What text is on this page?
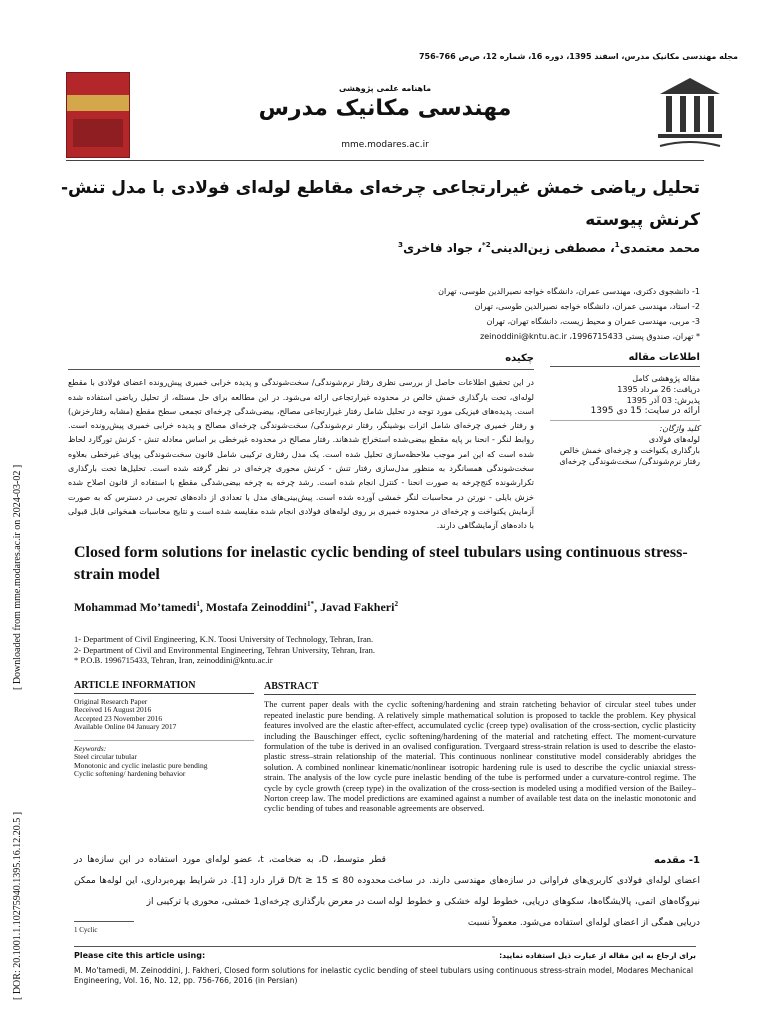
[ Downloaded from mme.modares.ac.ir on 2024-03-02 ]
[ DOR: 20.1001.1.10275940.1395.16.12.20.5 ]
مجله مهندسی مکانیک مدرس، اسفند 1395، دوره 16، شماره 12، ص‌ص 766-756
ماهنامه علمی پژوهشی
مهندسی مکانیک مدرس
mme.modares.ac.ir
تحلیل ریاضی خمش غیرارتجاعی چرخه‌ای مقاطع لوله‌ای فولادی با مدل تنش-کرنش پیوسته
محمد معتمدی$^1$، مصطفی زین‌الدینی$^{2*}$، جواد فاخری$^3$
1- دانشجوی دکتری، مهندسی عمران، دانشگاه خواجه نصیرالدین طوسی، تهران
2- استاد، مهندسی عمران، دانشگاه خواجه نصیرالدین طوسی، تهران
3- مربی، مهندسی عمران و محیط زیست، دانشگاه تهران، تهران
* تهران، صندوق پستی 1996715433، zeinoddini@kntu.ac.ir
اطلاعات مقاله
مقاله پژوهشی کامل
دریافت: 26 مرداد 1395
پذیرش: 03 آذر 1395
ارائه در سایت: 15 دی 1395
کلید واژگان:
لوله‌های فولادی
بارگذاری یکنواخت و چرخه‌ای خمش خالص
رفتار نرم‌شوندگی/ سخت‌شوندگی چرخه‌ای
چکیده
در این تحقیق اطلاعات حاصل از بررسی نظری رفتار نرم‌شوندگی/ سخت‌شوندگی و پدیده خرابی خمیری پیش‌رونده اعضای فولادی با مقطع لوله‌ای، تحت بارگذاری خمش خالص در محدوده غیرارتجاعی ارائه می‌شود. در این مطالعه برای حل مسئله، از تحلیل ریاضی استفاده شده است. پدیده‌های فیزیکی مورد توجه در تحلیل شامل رفتار غیرارتجاعی مصالح، بیضی‌شدگی چرخه‌ای تجمعی سطح مقطع (مشابه رفتارخزش) و رفتار خمیری چرخه‌ای شامل اثرات بوشینگر، رفتار نرم‌شوندگی/ سخت‌شوندگی چرخه‌ای مصالح و پدیده خرابی خمیری پیش‌رونده است. روابط لنگر - انحنا بر پایه مقطع بیضی‌شده استخراج شدهاند. رفتار مصالح در محدوده غیرخطی بر اساس معادله تنش - کرنش تورگارد لحاظ شده است که این امر موجب ملاحظه‌سازی تحلیل شده است. یک مدل رفتاری ترکیبی شامل قانون سخت‌شوندگی پویای غیرخطی بعلاوه سخت‌شوندگی همسانگرد به منظور مدل‌سازی رفتار تنش - کرنش محوری چرخه‌ای در نظر گرفته شده است. تحلیل‌ها تحت بارگذاری تکرارشونده کنج‌چرخه به صورت انحنا - کنترل انجام شده است. رشد چرخه به چرخه بیضی‌شدگی مقطع با استفاده از قانون اصلاح شده خزش بایلی - نورتن در محاسبات لنگر خمشی آورده شده است. پیش‌بینی‌های مدل با تعدادی از داده‌های تجربی در دسترس که به صورت آزمایش یکنواخت و چرخه‌ای در محدوده خمیری بر روی لوله‌های فولادی انجام شده مقایسه شده است و نتایج محاسبات همخوانی قابل قبولی با داده‌های آزمایشگاهی دارند.
Closed form solutions for inelastic cyclic bending of steel tubulars using continuous stress-strain model
Mohammad Mo’tamedi$^1$, Mostafa Zeinoddini$^{1*}$, Javad Fakheri$^2$
1- Department of Civil Engineering, K.N. Toosi University of Technology, Tehran, Iran.
2- Department of Civil and Environmental Engineering, Tehran University, Tehran, Iran.
* P.O.B. 1996715433, Tehran, Iran, zeinoddini@kntu.ac.ir
ARTICLE INFORMATION
Original Research Paper
Received 16 August 2016
Accepted 23 November 2016
Available Online 04 January 2017
Keywords:
Steel circular tubular
Monotonic and cyclic inelastic pure bending
Cyclic softening/ hardening behavior
ABSTRACT
The current paper deals with the cyclic softening/hardening and strain ratcheting behavior of circular steel tubes under repeated inelastic pure bending. A relatively simple mathematical solution is proposed to tackle the problem. Key physical features involved are the elastic after-effect, accumulated cyclic (creep type) ovalisation of the cross-section, cyclic plasticity including the Bauschinger effect, cyclic softening/hardening of the material and ratcheting effect. The moment-curvature formulation of the tube is derived in an ovalised configuration. Tvergaard stress-strain relation is used to describe the elasto-plastic stress–strain relationship of the material. This continuous nonlinear constitutive model considerably abridges the solution. A combined nonlinear kinematic/nonlinear isotropic hardening rule is used to describe the cyclic uniaxial stress-strain. The analysis of the low cycle pure inelastic bending of the tube is performed under a curvature-control regime. The cycle by cycle growth (creep type) in the ovalization of the cross-section is modeled using a modified version of the Bailey–Norton creep law. The model predictions are examined against a number of available test data on the inelastic monotonic and cyclic bending of tubes and reasonable agreements are observed.
1- مقدمه
اعضای لوله‌ای فولادی کاربری‌های فراوانی در سازه‌های مهندسی دارند. در ساخت نیروگاه‌های اتمی، پالایشگاه‌ها، سکوهای دریایی، خطوط لوله خشکی و خطوط لوله دریایی همگی از اعضای لوله‌ای استفاده می‌شود. معمولاً نسبت
قطر متوسط، D، به ضخامت، t، عضو لوله‌ای مورد استفاده در این سازه‌ها در محدوده 80 ≥ D/t ≥ 15 قرار دارد [1]. در شرایط بهره‌برداری، این لوله‌ها ممکن است در معرض بارگذاری چرخه‌ای1 خمشی، محوری یا ترکیبی از
1 Cyclic
برای ارجاع به این مقاله از عبارت ذیل استفاده نمایید:
Please cite this article using:
M. Mo’tamedi, M. Zeinoddini, J. Fakheri, Closed form solutions for inelastic cyclic bending of steel tubulars using continuous stress-strain model, Modares Mechanical Engineering, Vol. 16, No. 12, pp. 756-766, 2016 (in Persian)
